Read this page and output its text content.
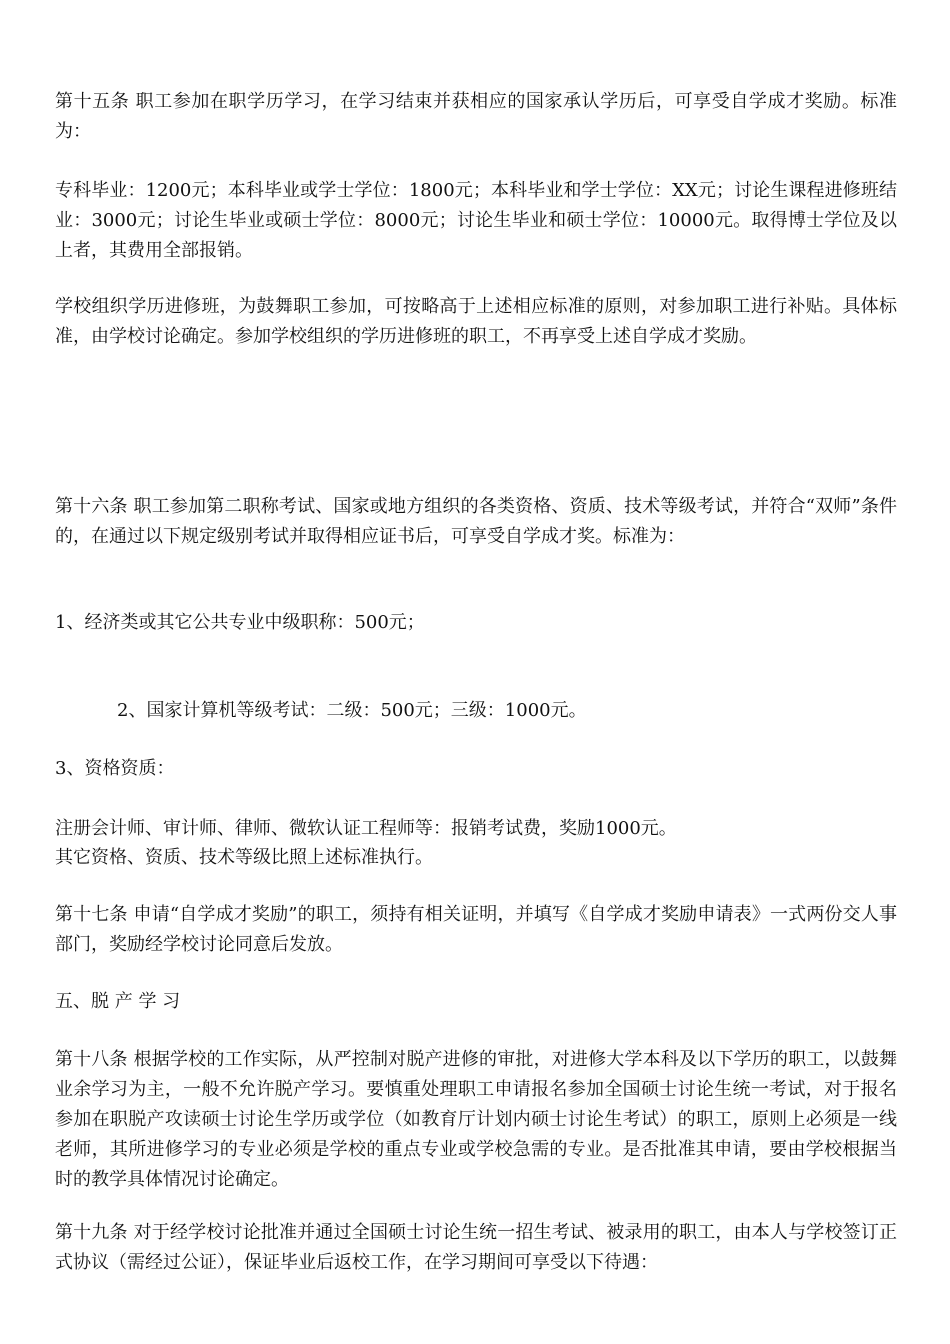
第十五条 职工参加在职学历学习，在学习结束并获相应的国家承认学历后，可享受自学成才奖励。标准为：

专科毕业：1200元；本科毕业或学士学位：1800元；本科毕业和学士学位：XX元；讨论生课程进修班结业：3000元；讨论生毕业或硕士学位：8000元；讨论生毕业和硕士学位：10000元。取得博士学位及以上者，其费用全部报销。

学校组织学历进修班，为鼓舞职工参加，可按略高于上述相应标准的原则，对参加职工进行补贴。具体标准，由学校讨论确定。参加学校组织的学历进修班的职工，不再享受上述自学成才奖励。

第十六条 职工参加第二职称考试、国家或地方组织的各类资格、资质、技术等级考试，并符合“双师”条件的，在通过以下规定级别考试并取得相应证书后，可享受自学成才奖。标准为：

1、经济类或其它公共专业中级职称：500元；

2、国家计算机等级考试：二级：500元；三级：1000元。

3、资格资质：

注册会计师、审计师、律师、微软认证工程师等：报销考试费，奖励1000元。

其它资格、资质、技术等级比照上述标准执行。

第十七条 申请“自学成才奖励”的职工，须持有相关证明，并填写《自学成才奖励申请表》一式两份交人事部门，奖励经学校讨论同意后发放。

五、脱 产 学 习

第十八条 根据学校的工作实际，从严控制对脱产进修的审批，对进修大学本科及以下学历的职工，以鼓舞业余学习为主，一般不允许脱产学习。要慎重处理职工申请报名参加全国硕士讨论生统一考试，对于报名参加在职脱产攻读硕士讨论生学历或学位（如教育厅计划内硕士讨论生考试）的职工，原则上必须是一线老师，其所进修学习的专业必须是学校的重点专业或学校急需的专业。是否批准其申请，要由学校根据当时的教学具体情况讨论确定。

第十九条 对于经学校讨论批准并通过全国硕士讨论生统一招生考试、被录用的职工，由本人与学校签订正式协议（需经过公证），保证毕业后返校工作，在学习期间可享受以下待遇：
